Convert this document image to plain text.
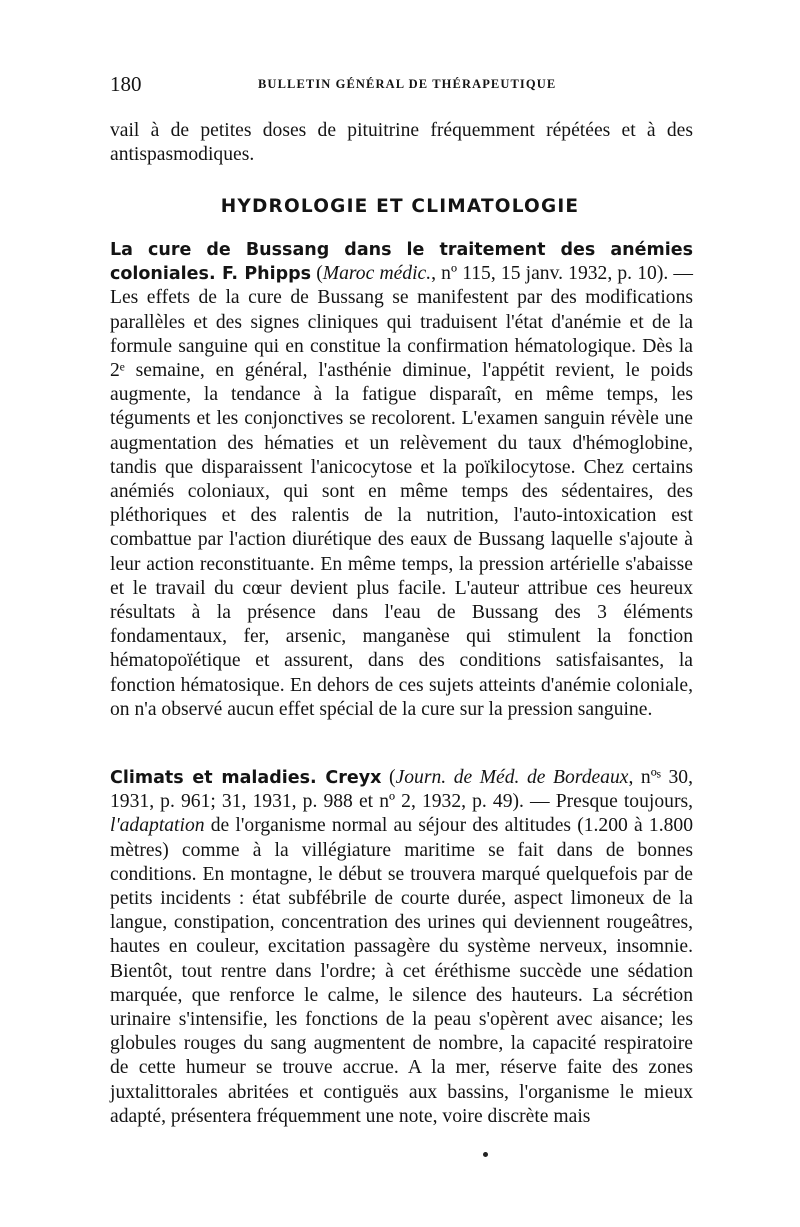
180	BULLETIN GÉNÉRAL DE THÉRAPEUTIQUE

vail à de petites doses de pituitrine fréquemment répétées et à des antispasmodiques.

HYDROLOGIE ET CLIMATOLOGIE

La cure de Bussang dans le traitement des anémies coloniales. F. Phipps (Maroc médic., nº 115, 15 janv. 1932, p. 10). — Les effets de la cure de Bussang se manifestent par des modifications parallèles et des signes cliniques qui traduisent l'état d'anémie et de la formule sanguine qui en constitue la confirmation hématologique. Dès la 2ᵉ semaine, en général, l'asthénie diminue, l'appétit revient, le poids augmente, la tendance à la fatigue disparaît, en même temps, les téguments et les conjonctives se recolorent. L'examen sanguin révèle une augmentation des hématies et un relèvement du taux d'hémoglobine, tandis que disparaissent l'anicocytose et la poïkilocytose. Chez certains anémiés coloniaux, qui sont en même temps des sédentaires, des pléthoriques et des ralentis de la nutrition, l'auto-intoxication est combattue par l'action diurétique des eaux de Bussang laquelle s'ajoute à leur action reconstituante. En même temps, la pression artérielle s'abaisse et le travail du cœur devient plus facile. L'auteur attribue ces heureux résultats à la présence dans l'eau de Bussang des 3 éléments fondamentaux, fer, arsenic, manganèse qui stimulent la fonction hématopoïétique et assurent, dans des conditions satisfaisantes, la fonction hématosique. En dehors de ces sujets atteints d'anémie coloniale, on n'a observé aucun effet spécial de la cure sur la pression sanguine.

Climats et maladies. Creyx (Journ. de Méd. de Bordeaux, nºˢ 30, 1931, p. 961; 31, 1931, p. 988 et nº 2, 1932, p. 49). — Presque toujours, l'adaptation de l'organisme normal au séjour des altitudes (1.200 à 1.800 mètres) comme à la villégiature maritime se fait dans de bonnes conditions. En montagne, le début se trouvera marqué quelquefois par de petits incidents : état subfébrile de courte durée, aspect limoneux de la langue, constipation, concentration des urines qui deviennent rougeâtres, hautes en couleur, excitation passagère du système nerveux, insomnie. Bientôt, tout rentre dans l'ordre; à cet éréthisme succède une sédation marquée, que renforce le calme, le silence des hauteurs. La sécrétion urinaire s'intensifie, les fonctions de la peau s'opèrent avec aisance; les globules rouges du sang augmentent de nombre, la capacité respiratoire de cette humeur se trouve accrue. A la mer, réserve faite des zones juxtalittorales abritées et contiguës aux bassins, l'organisme le mieux adapté, présentera fréquemment une note, voire discrète mais
